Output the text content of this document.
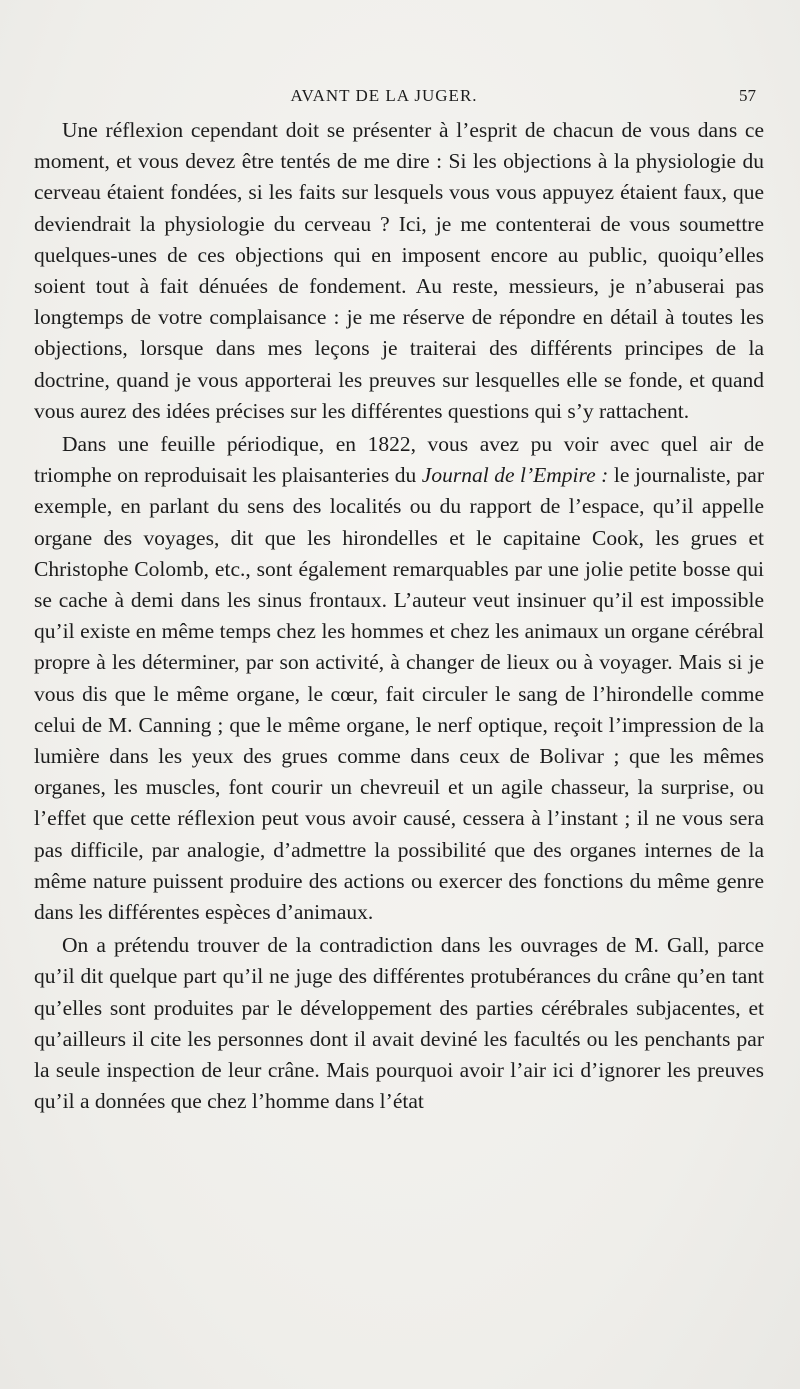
AVANT DE LA JUGER.	57

Une réflexion cependant doit se présenter à l’esprit de chacun de vous dans ce moment, et vous devez être tentés de me dire : Si les objections à la physiologie du cerveau étaient fondées, si les faits sur lesquels vous vous appuyez étaient faux, que deviendrait la physiologie du cerveau ? Ici, je me contenterai de vous soumettre quelques-unes de ces objections qui en imposent encore au public, quoiqu’elles soient tout à fait dénuées de fondement. Au reste, messieurs, je n’abuserai pas longtemps de votre complaisance : je me réserve de répondre en détail à toutes les objections, lorsque dans mes leçons je traiterai des différents principes de la doctrine, quand je vous apporterai les preuves sur lesquelles elle se fonde, et quand vous aurez des idées précises sur les différentes questions qui s’y rattachent.

Dans une feuille périodique, en 1822, vous avez pu voir avec quel air de triomphe on reproduisait les plaisanteries du Journal de l’Empire : le journaliste, par exemple, en parlant du sens des localités ou du rapport de l’espace, qu’il appelle organe des voyages, dit que les hirondelles et le capitaine Cook, les grues et Christophe Colomb, etc., sont également remarquables par une jolie petite bosse qui se cache à demi dans les sinus frontaux. L’auteur veut insinuer qu’il est impossible qu’il existe en même temps chez les hommes et chez les animaux un organe cérébral propre à les déterminer, par son activité, à changer de lieux ou à voyager. Mais si je vous dis que le même organe, le cœur, fait circuler le sang de l’hirondelle comme celui de M. Canning ; que le même organe, le nerf optique, reçoit l’impression de la lumière dans les yeux des grues comme dans ceux de Bolivar ; que les mêmes organes, les muscles, font courir un chevreuil et un agile chasseur, la surprise, ou l’effet que cette réflexion peut vous avoir causé, cessera à l’instant ; il ne vous sera pas difficile, par analogie, d’admettre la possibilité que des organes internes de la même nature puissent produire des actions ou exercer des fonctions du même genre dans les différentes espèces d’animaux.

On a prétendu trouver de la contradiction dans les ouvrages de M. Gall, parce qu’il dit quelque part qu’il ne juge des différentes protubérances du crâne qu’en tant qu’elles sont produites par le développement des parties cérébrales subjacentes, et qu’ailleurs il cite les personnes dont il avait deviné les facultés ou les penchants par la seule inspection de leur crâne. Mais pourquoi avoir l’air ici d’ignorer les preuves qu’il a données que chez l’homme dans l’état
